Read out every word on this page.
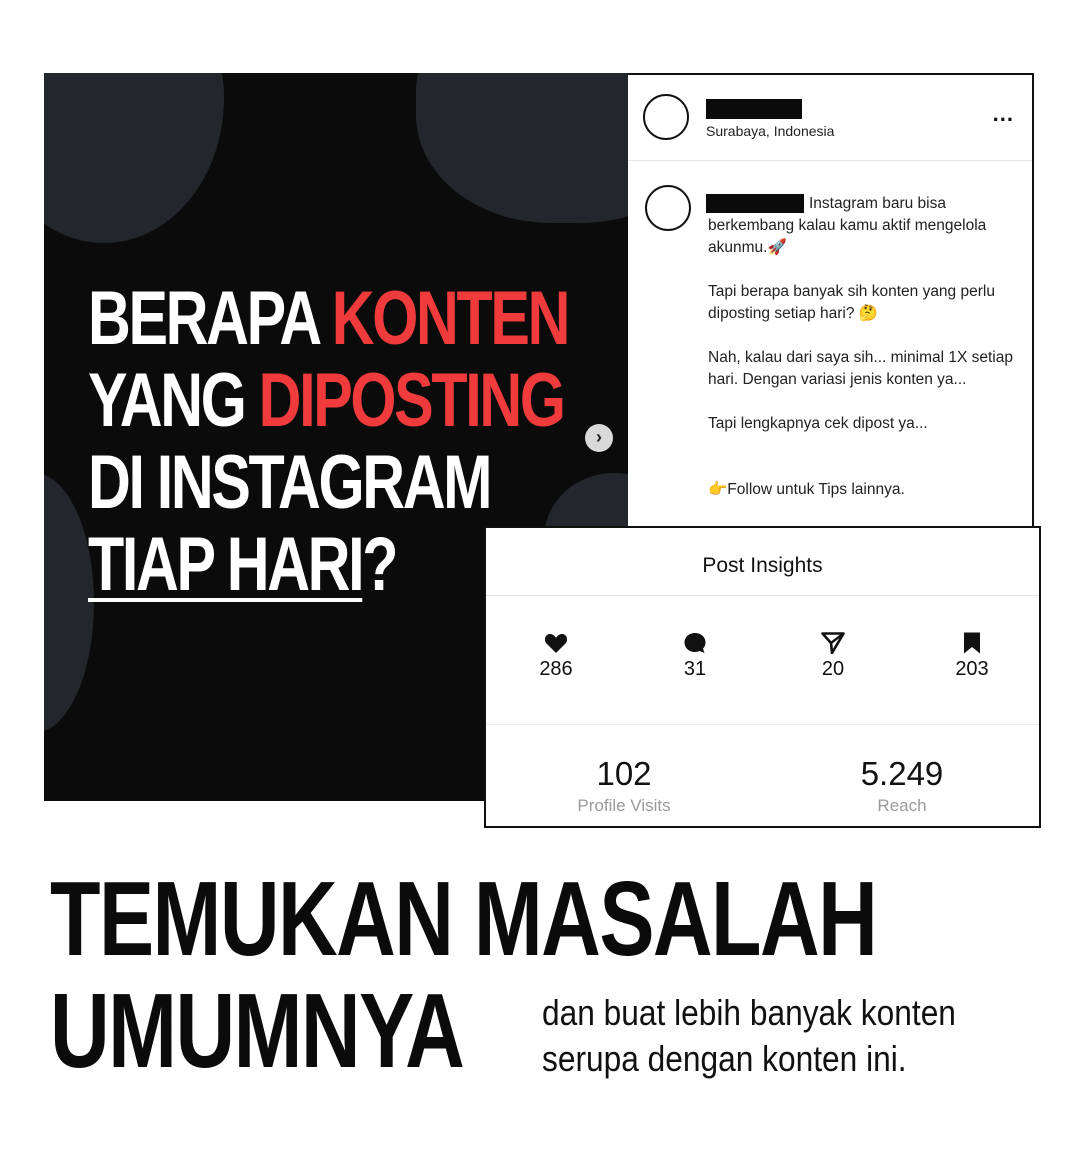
BERAPA KONTEN
YANG DIPOSTING
DI INSTAGRAM
TIAP HARI?
›
Surabaya, Indonesia
...

Instagram baru bisa berkembang kalau kamu aktif mengelola akunmu.🚀

Tapi berapa banyak sih konten yang perlu diposting setiap hari? 🤔

Nah, kalau dari saya sih... minimal 1X setiap hari. Dengan variasi jenis konten ya...

Tapi lengkapnya cek dipost ya...

👉Follow untuk Tips lainnya.

Post Insights
286	31	20	203
102
Profile Visits
5.249
Reach
TEMUKAN MASALAH
UMUMNYA	dan buat lebih banyak konten
serupa dengan konten ini.
